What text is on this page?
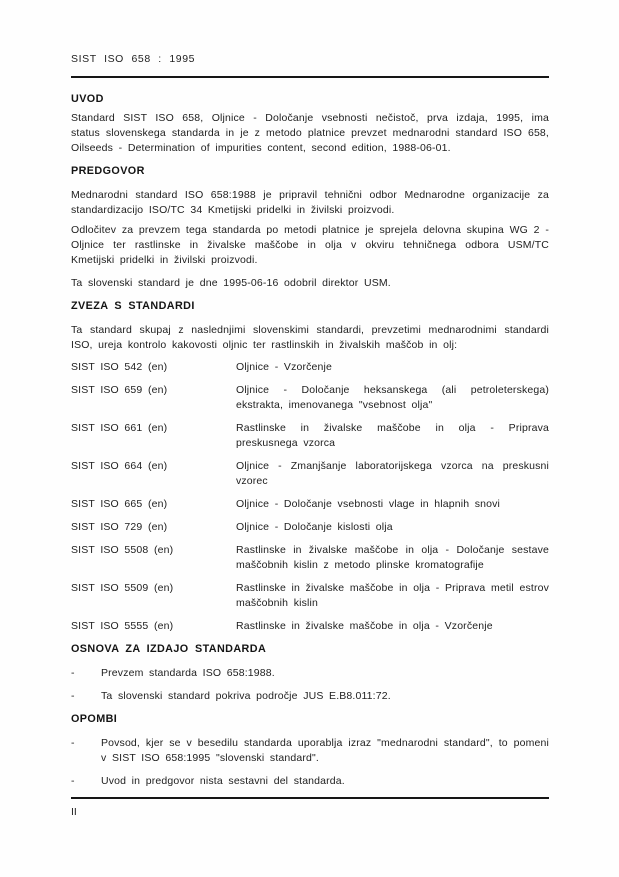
SIST ISO 658 : 1995
UVOD

Standard SIST ISO 658, Oljnice - Določanje vsebnosti nečistoč, prva izdaja, 1995, ima status slovenskega standarda in je z metodo platnice prevzet mednarodni standard ISO 658, Oilseeds - Determination of impurities content, second edition, 1988-06-01.

PREDGOVOR

Mednarodni standard ISO 658:1988 je pripravil tehnični odbor Mednarodne organizacije za standardizacijo ISO/TC 34 Kmetijski pridelki in živilski proizvodi.

Odločitev za prevzem tega standarda po metodi platnice je sprejela delovna skupina WG 2 - Oljnice ter rastlinske in živalske maščobe in olja v okviru tehničnega odbora USM/TC Kmetijski pridelki in živilski proizvodi.

Ta slovenski standard je dne 1995-06-16 odobril direktor USM.

ZVEZA S STANDARDI

Ta standard skupaj z naslednjimi slovenskimi standardi, prevzetimi mednarodnimi standardi ISO, ureja kontrolo kakovosti oljnic ter rastlinskih in živalskih maščob in olj:

SIST ISO 542 (en)	Oljnice - Vzorčenje
SIST ISO 659 (en)	Oljnice - Določanje heksanskega (ali petroleterskega) ekstrakta, imenovanega "vsebnost olja"
SIST ISO 661 (en)	Rastlinske in živalske maščobe in olja - Priprava preskusnega vzorca
SIST ISO 664 (en)	Oljnice - Zmanjšanje laboratorijskega vzorca na preskusni vzorec
SIST ISO 665 (en)	Oljnice - Določanje vsebnosti vlage in hlapnih snovi
SIST ISO 729 (en)	Oljnice - Določanje kislosti olja
SIST ISO 5508 (en)	Rastlinske in živalske maščobe in olja - Določanje sestave maščobnih kislin z metodo plinske kromatografije
SIST ISO 5509 (en)	Rastlinske in živalske maščobe in olja - Priprava metil estrov maščobnih kislin
SIST ISO 5555 (en)	Rastlinske in živalske maščobe in olja - Vzorčenje
OSNOVA ZA IZDAJO STANDARDA
-	Prevzem standarda ISO 658:1988.
-	Ta slovenski standard pokriva področje JUS E.B8.011:72.
OPOMBI
-	Povsod, kjer se v besedilu standarda uporablja izraz "mednarodni standard", to pomeni v SIST ISO 658:1995 "slovenski standard".
-	Uvod in predgovor nista sestavni del standarda.
II
